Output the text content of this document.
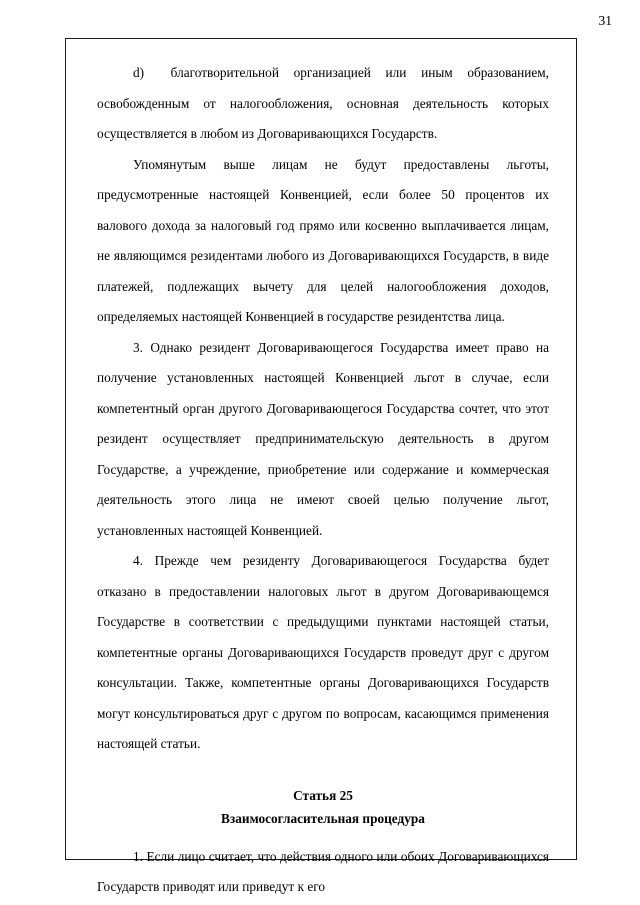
31

d)  благотворительной организацией или иным образованием, освобожденным от налогообложения, основная деятельность которых осуществляется в любом из Договаривающихся Государств.

Упомянутым выше лицам не будут предоставлены льготы, предусмотренные настоящей Конвенцией, если более 50 процентов их валового дохода за налоговый год прямо или косвенно выплачивается лицам, не являющимся резидентами любого из Договаривающихся Государств, в виде платежей, подлежащих вычету для целей налогообложения доходов, определяемых настоящей Конвенцией в государстве резидентства лица.

3. Однако резидент Договаривающегося Государства имеет право на получение установленных настоящей Конвенцией льгот в случае, если компетентный орган другого Договаривающегося Государства сочтет, что этот резидент осуществляет предпринимательскую деятельность в другом Государстве, а учреждение, приобретение или содержание и коммерческая деятельность этого лица не имеют своей целью получение льгот, установленных настоящей Конвенцией.

4. Прежде чем резиденту Договаривающегося Государства будет отказано в предоставлении налоговых льгот в другом Договаривающемся Государстве в соответствии с предыдущими пунктами настоящей статьи, компетентные органы Договаривающихся Государств проведут друг с другом консультации. Также, компетентные органы Договаривающихся Государств могут консультироваться друг с другом по вопросам, касающимся применения настоящей статьи.

Статья 25
Взаимосогласительная процедура

1. Если лицо считает, что действия одного или обоих Договаривающихся Государств приводят или приведут к его
